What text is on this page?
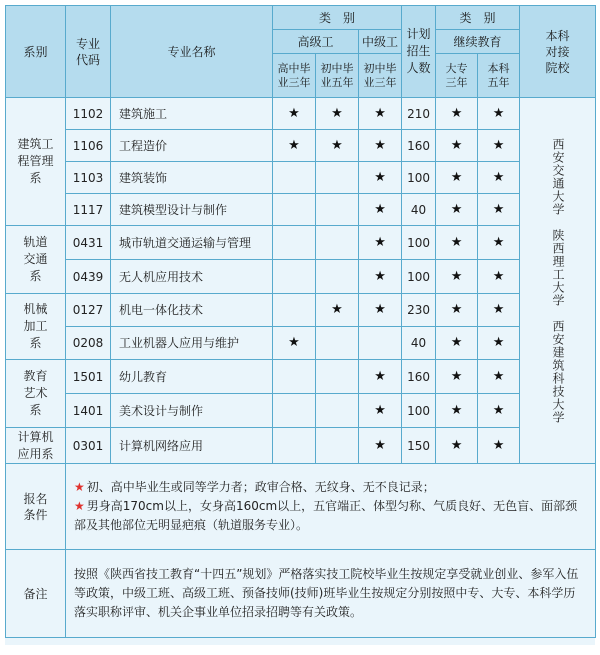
系别	专业代码	专业名称	类　别			计划招生人数	类　别		本科对接院校

			高级工		中级工		继续教育		

			高中毕业三年	初中毕业五年	初中毕业三年		大专三年	本科五年	

建筑工程管理系	1102	建筑施工	★	★	★	210	★	★	西安交通大学　陕西理工大学　西安建筑科技大学

	1106	工程造价	★	★	★	160	★	★	
	1103	建筑装饰			★	100	★	★	
	1117	建筑模型设计与制作			★	40	★	★	

轨道交通系	0431	城市轨道交通运输与管理			★	100	★	★	
	0439	无人机应用技术			★	100	★	★	

机械加工系	0127	机电一体化技术		★	★	230	★	★	
	0208	工业机器人应用与维护	★			40	★	★	

教育艺术系	1501	幼儿教育			★	160	★	★	
	1401	美术设计与制作			★	100	★	★	

计算机应用系	0301	计算机网络应用			★	150	★	★	

报名条件	★ 初、高中毕业生或同等学力者；政审合格、无纹身、无不良记录；
★ 男身高170cm以上，女身高160cm以上，五官端正、体型匀称、气质良好、无色盲、面部颈部及其他部位无明显疤痕（轨道服务专业）。								

备注	按照《陕西省技工教育“十四五”规划》严格落实技工院校毕业生按规定享受就业创业、参军入伍等政策，中级工班、高级工班、预备技师(技师)班毕业生按规定分别按照中专、大专、本科学历落实职称评审、机关企事业单位招录招聘等有关政策。								
